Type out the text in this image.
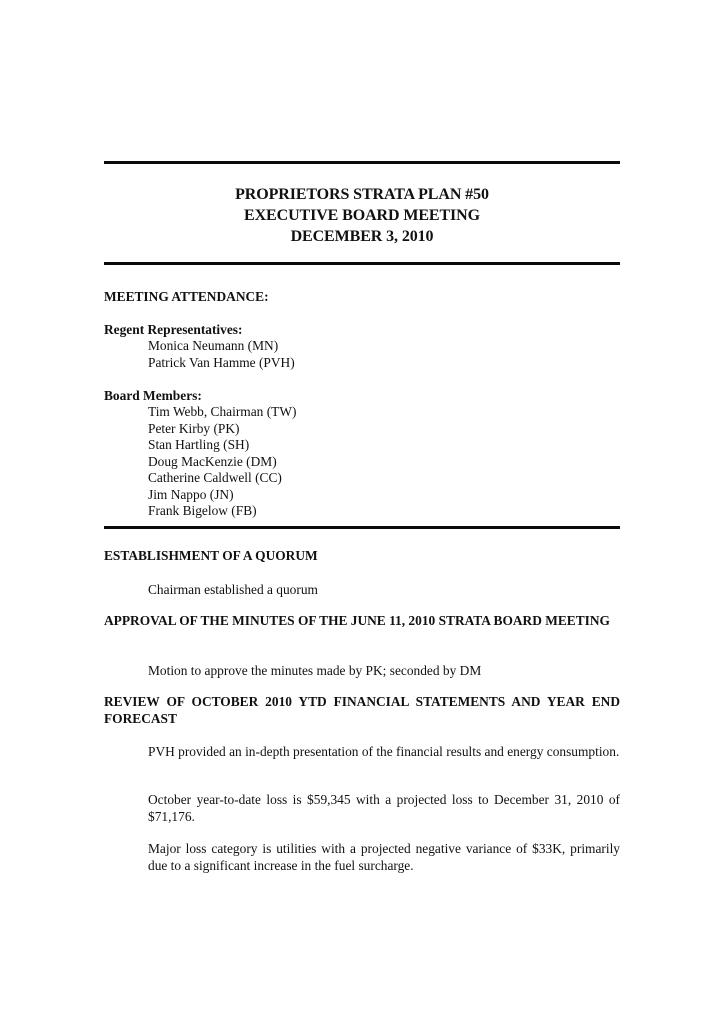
PROPRIETORS STRATA PLAN #50
EXECUTIVE BOARD MEETING
DECEMBER 3, 2010
MEETING ATTENDANCE:
Regent Representatives:
Monica Neumann (MN)
Patrick Van Hamme (PVH)
Board Members:
Tim Webb, Chairman (TW)
Peter Kirby (PK)
Stan Hartling (SH)
Doug MacKenzie (DM)
Catherine Caldwell (CC)
Jim Nappo (JN)
Frank Bigelow (FB)
ESTABLISHMENT OF A QUORUM
Chairman established a quorum
APPROVAL OF THE MINUTES OF THE JUNE 11, 2010 STRATA BOARD MEETING
Motion to approve the minutes made by PK; seconded by DM
REVIEW OF OCTOBER 2010 YTD FINANCIAL STATEMENTS AND YEAR END FORECAST
PVH provided an in-depth presentation of the financial results and energy consumption.
October year-to-date loss is $59,345 with a projected loss to December 31, 2010 of $71,176.
Major loss category is utilities with a projected negative variance of $33K, primarily due to a significant increase in the fuel surcharge.
